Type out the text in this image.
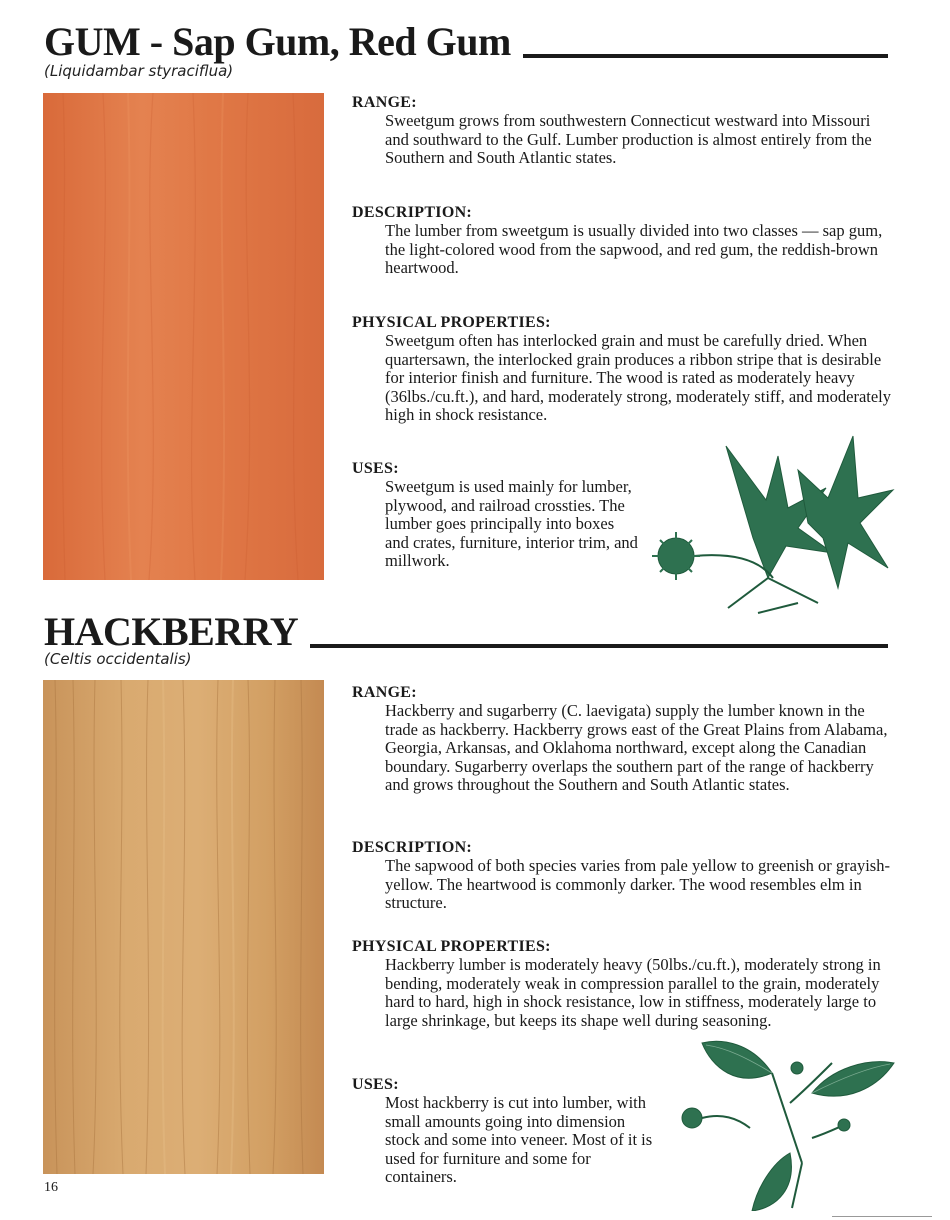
GUM - Sap Gum, Red Gum
(Liquidambar styraciflua)
RANGE:

Sweetgum grows from southwestern Connecticut westward into Missouri and southward to the Gulf. Lumber production is almost entirely from the Southern and South Atlantic states.

DESCRIPTION:

The lumber from sweetgum is usually divided into two classes — sap gum, the light-colored wood from the sapwood, and red gum, the reddish-brown heartwood.

PHYSICAL PROPERTIES:

Sweetgum often has interlocked grain and must be carefully dried. When quartersawn, the interlocked grain produces a ribbon stripe that is desirable for interior finish and furniture. The wood is rated as moderately heavy (36lbs./cu.ft.), and hard, moderately strong, moderately stiff, and moderately high in shock resistance.

USES:

Sweetgum is used mainly for lumber, plywood, and railroad crossties. The lumber goes principally into boxes and crates, furniture, interior trim, and millwork.

HACKBERRY
(Celtis occidentalis)
RANGE:

Hackberry and sugarberry (C. laevigata) supply the lumber known in the trade as hackberry. Hackberry grows east of the Great Plains from Alabama, Georgia, Arkansas, and Oklahoma northward, except along the Canadian boundary. Sugarberry overlaps the southern part of the range of hackberry and grows throughout the Southern and South Atlantic states.

DESCRIPTION:

The sapwood of both species varies from pale yellow to greenish or grayish-yellow. The heartwood is commonly darker. The wood resembles elm in structure.

PHYSICAL PROPERTIES:

Hackberry lumber is moderately heavy (50lbs./cu.ft.), moderately strong in bending, moderately weak in compression parallel to the grain, moderately hard to hard, high in shock resistance, low in stiffness, moderately large to large shrinkage, but keeps its shape well during seasoning.

USES:

Most hackberry is cut into lumber, with small amounts going into dimension stock and some into veneer. Most of it is used for furniture and some for containers.

16
